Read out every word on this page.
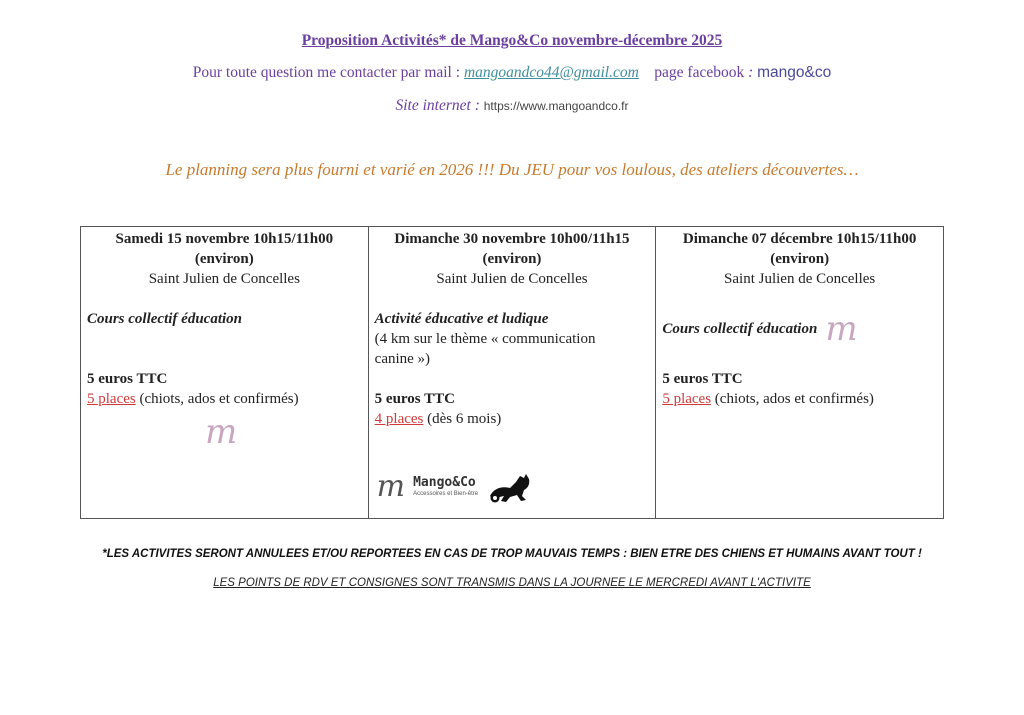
Proposition Activités* de Mango&Co novembre-décembre 2025
Pour toute question me contacter par mail : mangoandco44@gmail.com page facebook : mango&co
Site internet : https://www.mangoandco.fr
Le planning sera plus fourni et varié en 2026 !!! Du JEU pour vos loulous, des ateliers découvertes…
Samedi 15 novembre 10h15/11h00
(environ)
Saint Julien de Concelles
Cours collectif éducation
5 euros TTC
5 places (chiots, ados et confirmés)
m

Dimanche 30 novembre 10h00/11h15
(environ)
Saint Julien de Concelles
Activité éducative et ludique
(4 km sur le thème « communication canine »)
5 euros TTC
4 places (dès 6 mois)
m Mango&Co
Accessoires et Bien-être

Dimanche 07 décembre 10h15/11h00
(environ)
Saint Julien de Concelles
Cours collectif éducation m
5 euros TTC
5 places (chiots, ados et confirmés)
*LES ACTIVITES SERONT ANNULEES ET/OU REPORTEES EN CAS DE TROP MAUVAIS TEMPS : BIEN ETRE DES CHIENS ET HUMAINS AVANT TOUT !
LES POINTS DE RDV ET CONSIGNES SONT TRANSMIS DANS LA JOURNEE LE MERCREDI AVANT L'ACTIVITE
